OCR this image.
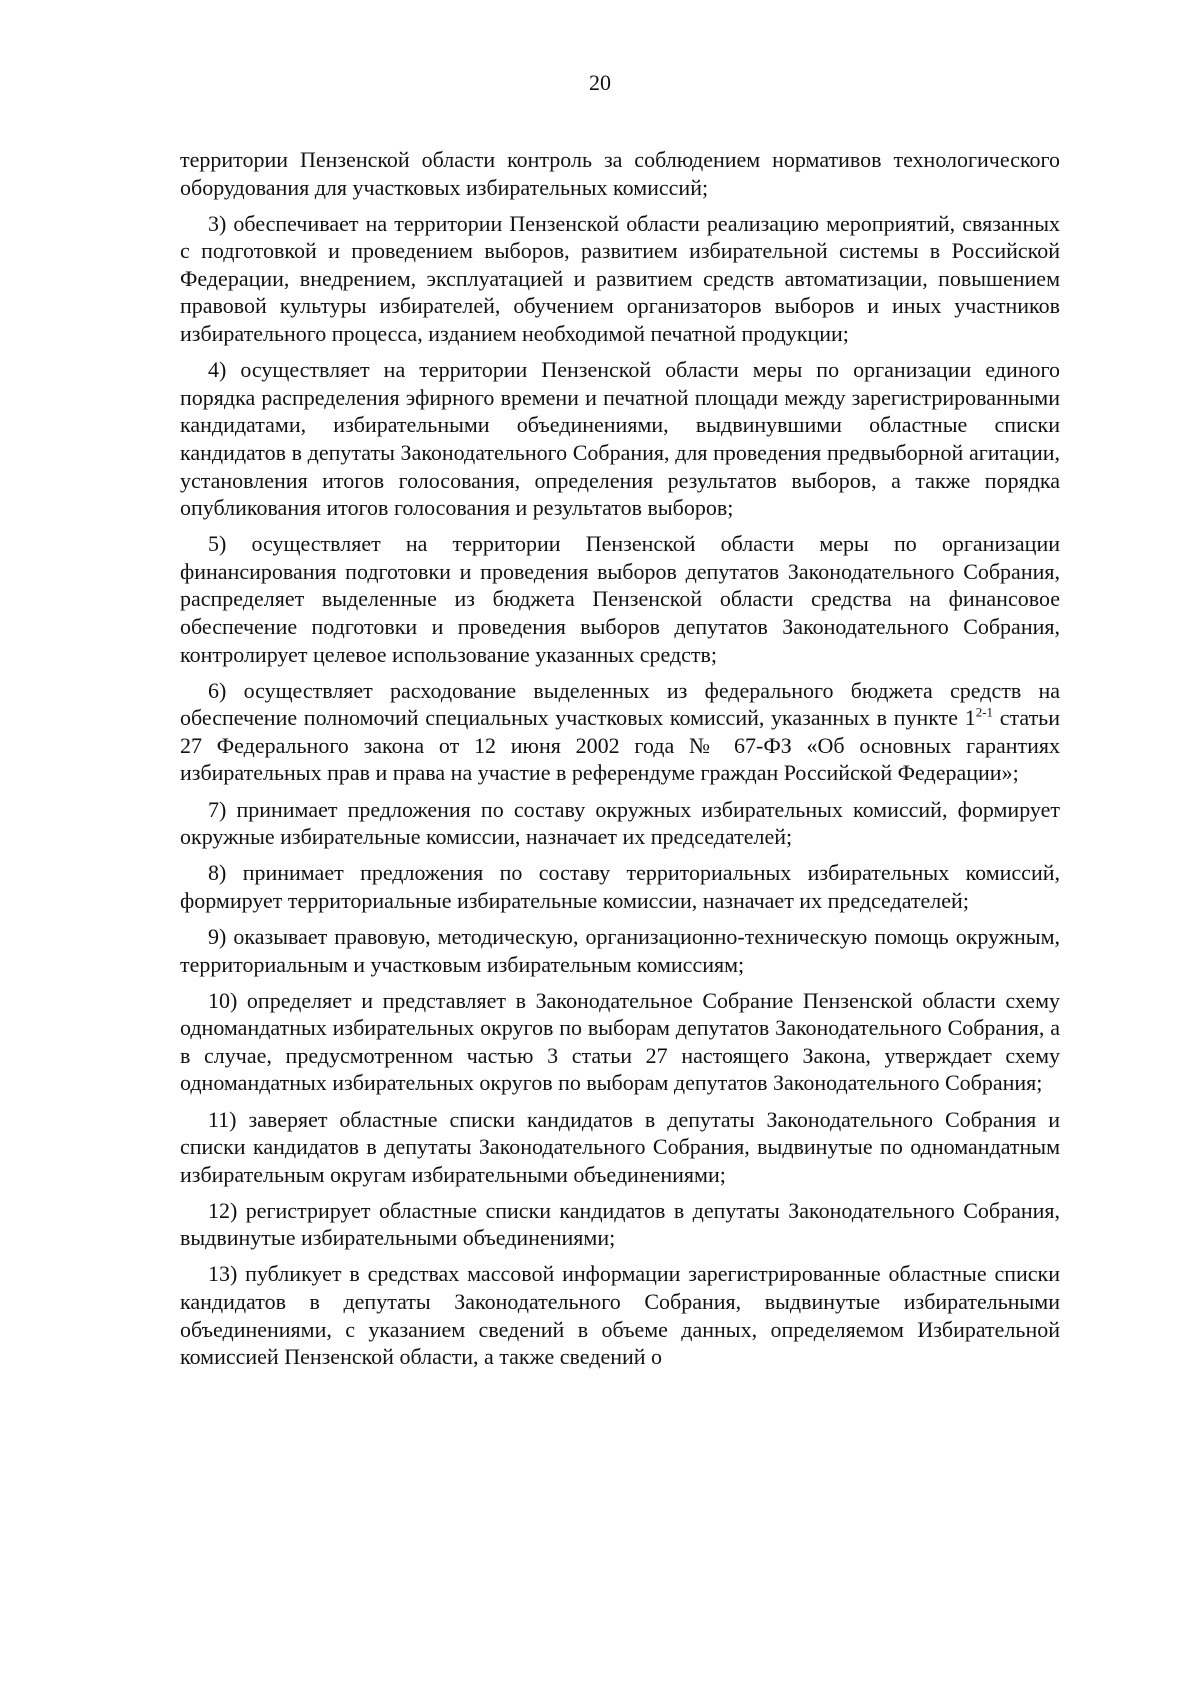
20

территории Пензенской области контроль за соблюдением нормативов технологического оборудования для участковых избирательных комиссий;

3) обеспечивает на территории Пензенской области реализацию мероприятий, связанных с подготовкой и проведением выборов, развитием избирательной системы в Российской Федерации, внедрением, эксплуатацией и развитием средств автоматизации, повышением правовой культуры избирателей, обучением организаторов выборов и иных участников избирательного процесса, изданием необходимой печатной продукции;

4) осуществляет на территории Пензенской области меры по организации единого порядка распределения эфирного времени и печатной площади между зарегистрированными кандидатами, избирательными объединениями, выдвинувшими областные списки кандидатов в депутаты Законодательного Собрания, для проведения предвыборной агитации, установления итогов голосования, определения результатов выборов, а также порядка опубликования итогов голосования и результатов выборов;

5) осуществляет на территории Пензенской области меры по организации финансирования подготовки и проведения выборов депутатов Законодательного Собрания, распределяет выделенные из бюджета Пензенской области средства на финансовое обеспечение подготовки и проведения выборов депутатов Законодательного Собрания, контролирует целевое использование указанных средств;

6) осуществляет расходование выделенных из федерального бюджета средств на обеспечение полномочий специальных участковых комиссий, указанных в пункте 1$^{2-1}$ статьи 27 Федерального закона от 12 июня 2002 года № 67-ФЗ «Об основных гарантиях избирательных прав и права на участие в референдуме граждан Российской Федерации»;

7) принимает предложения по составу окружных избирательных комиссий, формирует окружные избирательные комиссии, назначает их председателей;

8) принимает предложения по составу территориальных избирательных комиссий, формирует территориальные избирательные комиссии, назначает их председателей;

9) оказывает правовую, методическую, организационно-техническую помощь окружным, территориальным и участковым избирательным комиссиям;

10) определяет и представляет в Законодательное Собрание Пензенской области схему одномандатных избирательных округов по выборам депутатов Законодательного Собрания, а в случае, предусмотренном частью 3 статьи 27 настоящего Закона, утверждает схему одномандатных избирательных округов по выборам депутатов Законодательного Собрания;

11) заверяет областные списки кандидатов в депутаты Законодательного Собрания и списки кандидатов в депутаты Законодательного Собрания, выдвинутые по одномандатным избирательным округам избирательными объединениями;

12) регистрирует областные списки кандидатов в депутаты Законодательного Собрания, выдвинутые избирательными объединениями;

13) публикует в средствах массовой информации зарегистрированные областные списки кандидатов в депутаты Законодательного Собрания, выдвинутые избирательными объединениями, с указанием сведений в объеме данных, определяемом Избирательной комиссией Пензенской области, а также сведений о
